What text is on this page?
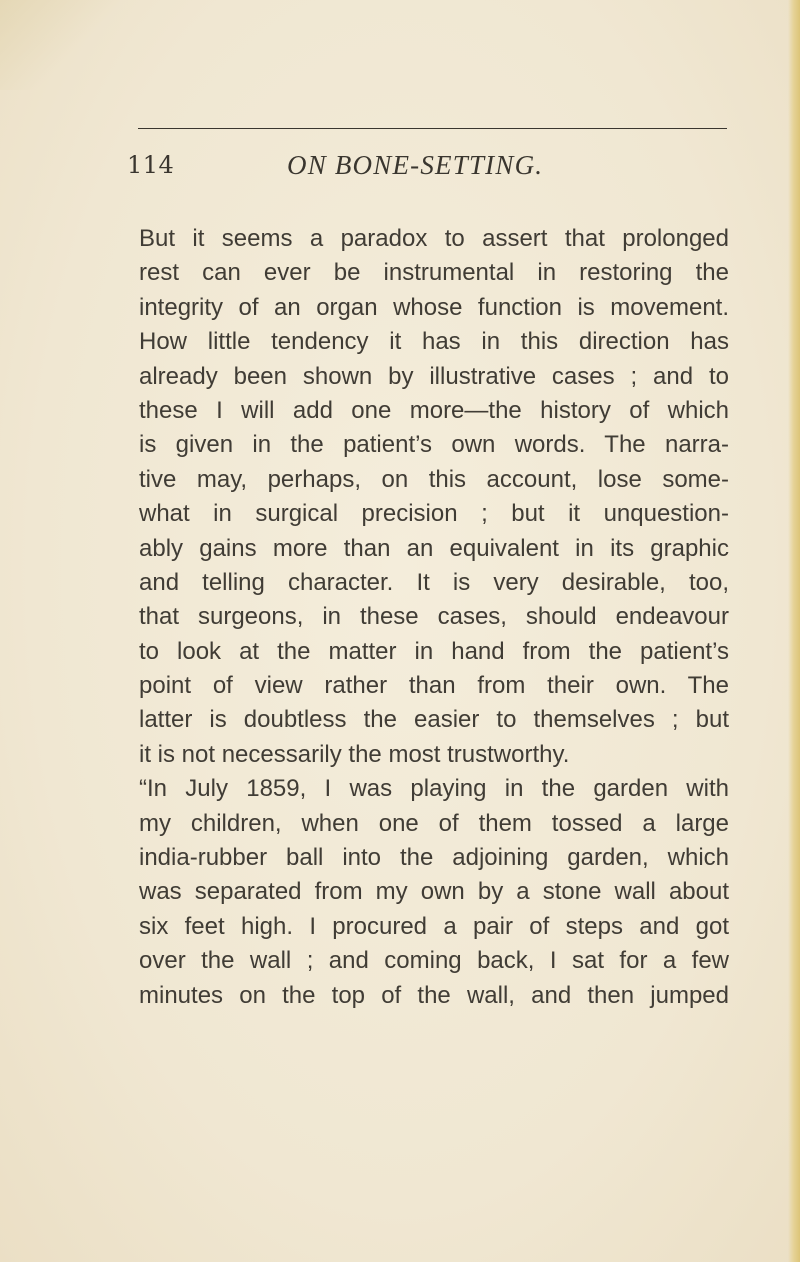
114	ON BONE-SETTING.
But it seems a paradox to assert that prolonged
rest can ever be instrumental in restoring the
integrity of an organ whose function is movement.
How little tendency it has in this direction has
already been shown by illustrative cases ; and to
these I will add one more—the history of which
is given in the patient’s own words. The narra-
tive may, perhaps, on this account, lose some-
what in surgical precision ; but it unquestion-
ably gains more than an equivalent in its graphic
and telling character. It is very desirable, too,
that surgeons, in these cases, should endeavour
to look at the matter in hand from the patient’s
point of view rather than from their own. The
latter is doubtless the easier to themselves ; but
it is not necessarily the most trustworthy.
“In July 1859, I was playing in the garden with
my children, when one of them tossed a large
india-rubber ball into the adjoining garden, which
was separated from my own by a stone wall about
six feet high. I procured a pair of steps and got
over the wall ; and coming back, I sat for a few
minutes on the top of the wall, and then jumped
